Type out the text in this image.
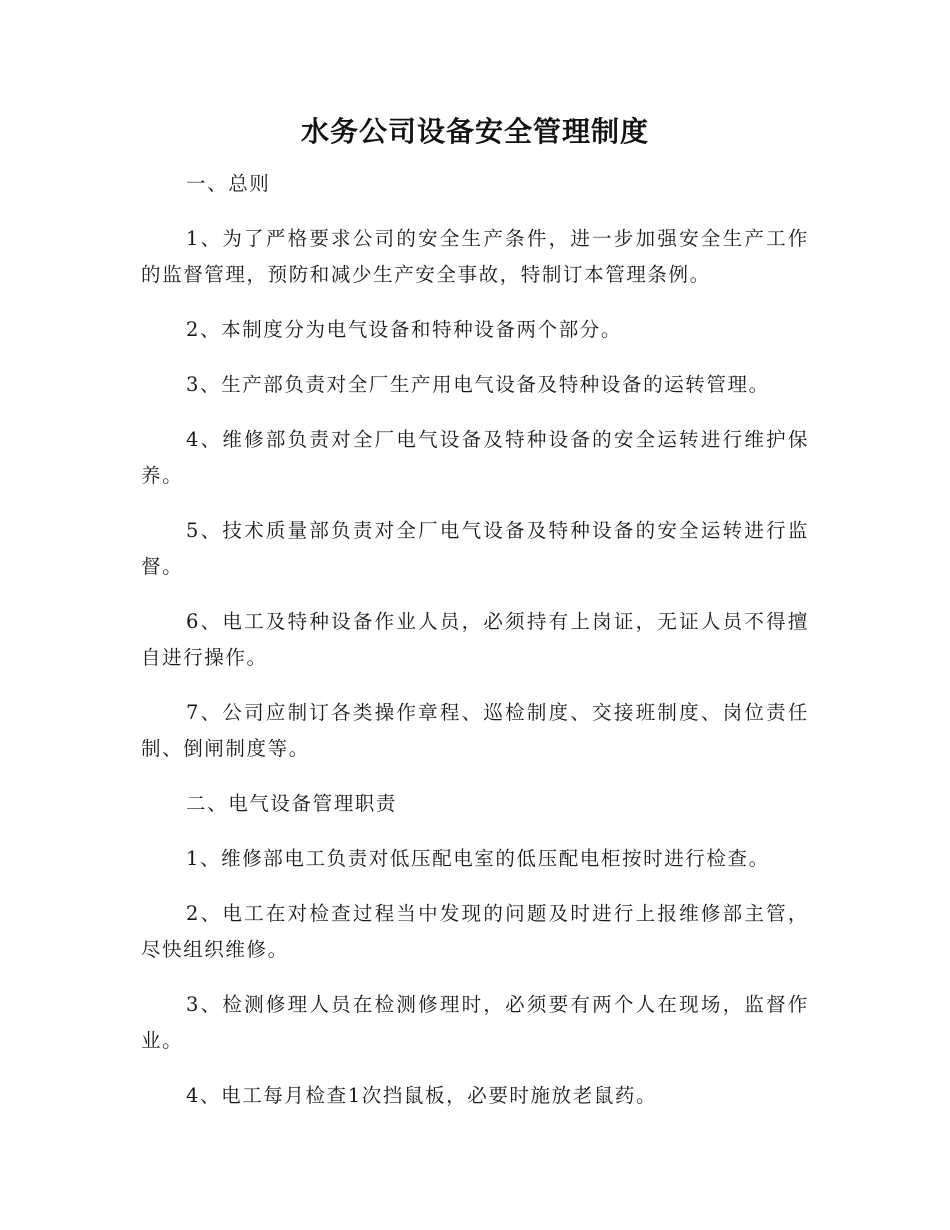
水务公司设备安全管理制度

一、总则

1、为了严格要求公司的安全生产条件，进一步加强安全生产工作的监督管理，预防和减少生产安全事故，特制订本管理条例。

2、本制度分为电气设备和特种设备两个部分。

3、生产部负责对全厂生产用电气设备及特种设备的运转管理。

4、维修部负责对全厂电气设备及特种设备的安全运转进行维护保养。

5、技术质量部负责对全厂电气设备及特种设备的安全运转进行监督。

6、电工及特种设备作业人员，必须持有上岗证，无证人员不得擅自进行操作。

7、公司应制订各类操作章程、巡检制度、交接班制度、岗位责任制、倒闸制度等。

二、电气设备管理职责

1、维修部电工负责对低压配电室的低压配电柜按时进行检查。

2、电工在对检查过程当中发现的问题及时进行上报维修部主管，尽快组织维修。

3、检测修理人员在检测修理时，必须要有两个人在现场，监督作业。

4、电工每月检查1次挡鼠板，必要时施放老鼠药。
